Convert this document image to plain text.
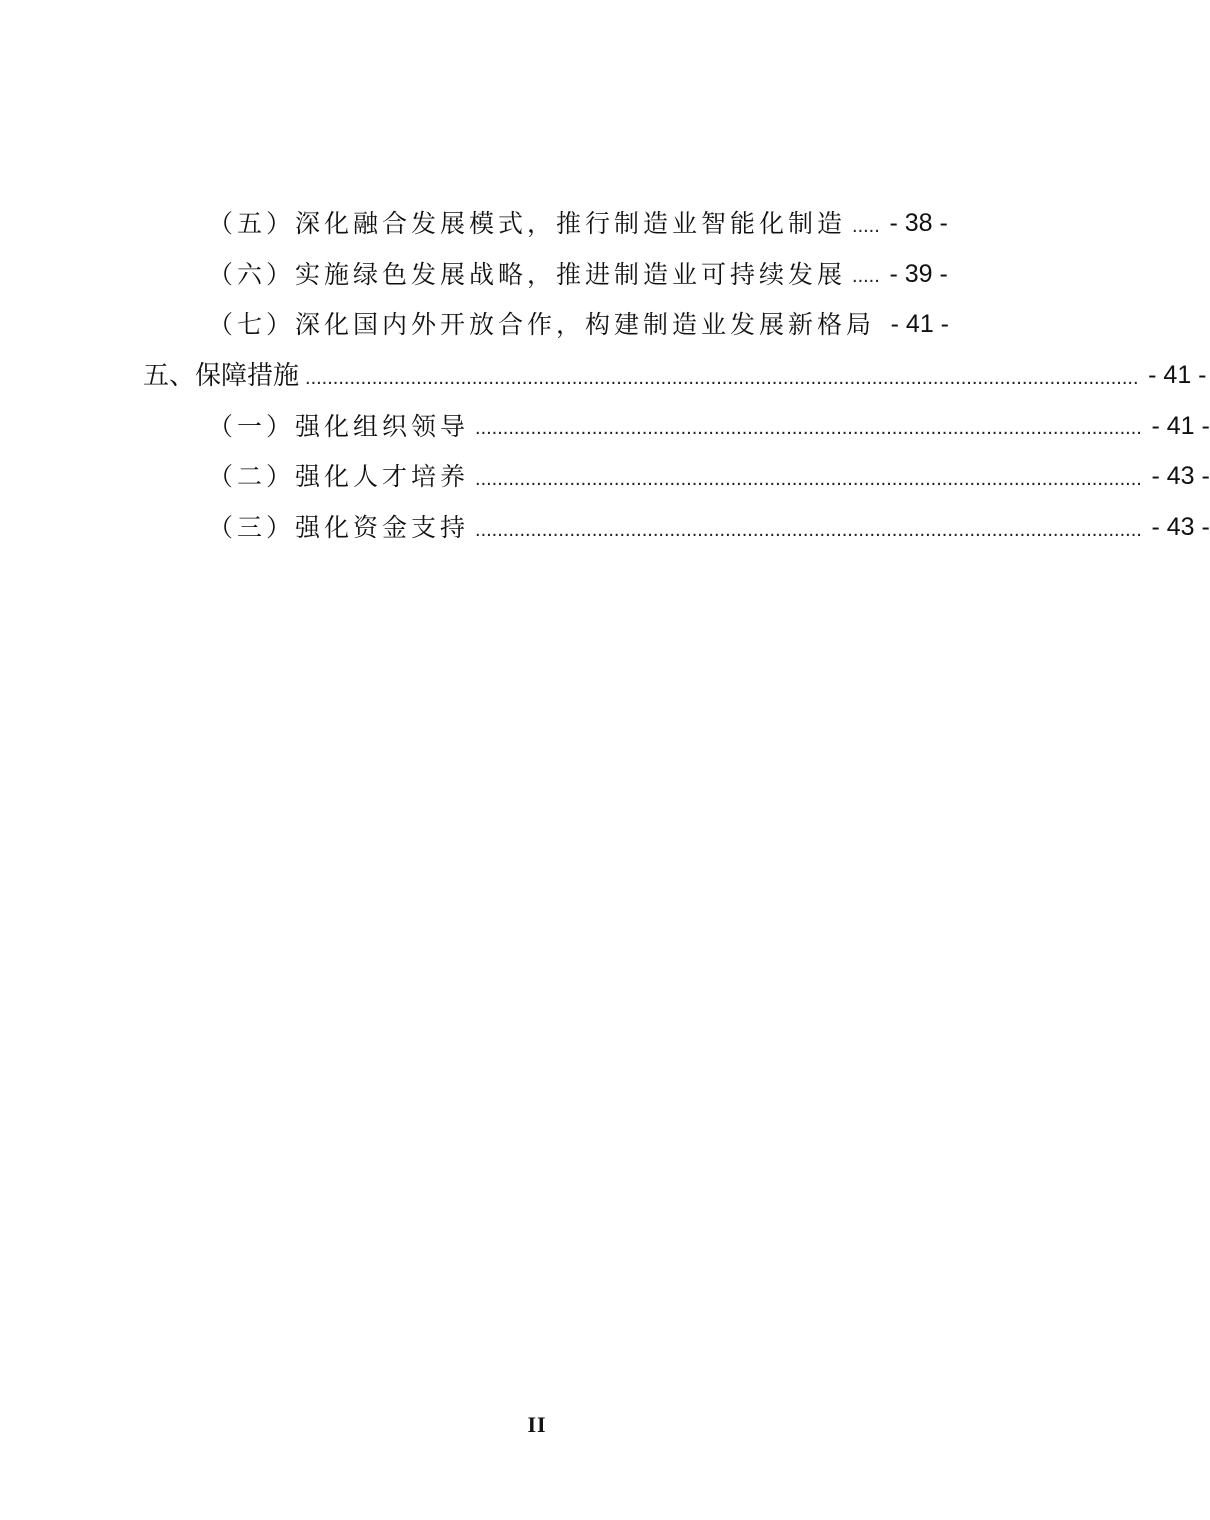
（五）深化融合发展模式，推行制造业智能化制造 ..... - 38 -
（六）实施绿色发展战略，推进制造业可持续发展 ..... - 39 -
（七）深化国内外开放合作，构建制造业发展新格局 - 41 -
五、保障措施 ...................................................................................................................................................... - 41 -
（一）强化组织领导 ........................................................................................................................ - 41 -
（二）强化人才培养 ........................................................................................................................ - 43 -
（三）强化资金支持 ........................................................................................................................ - 43 -
II
